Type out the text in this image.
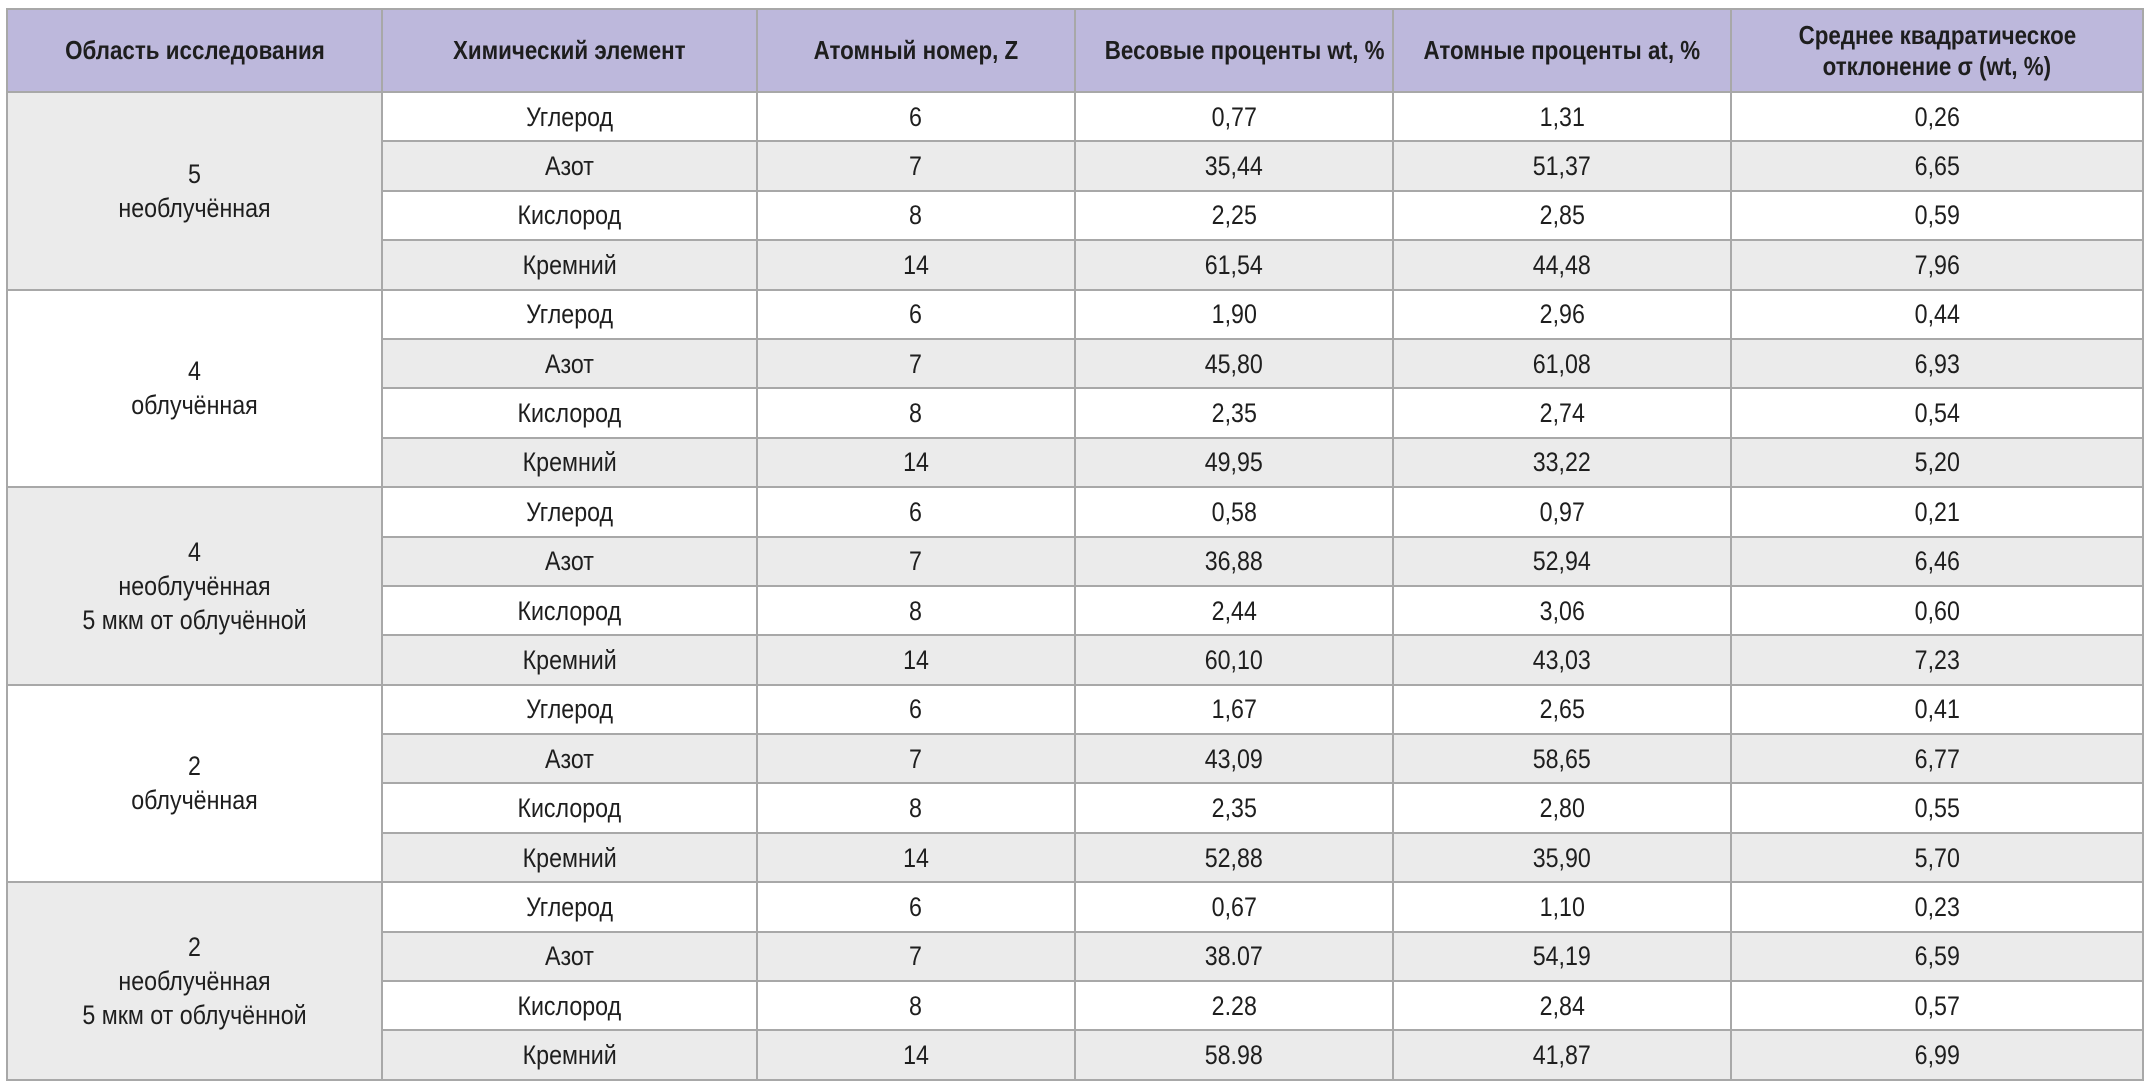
Область исследования	Химический элемент	Атомный номер, Z	Весовые проценты wt, %	Атомные проценты at, %	Среднее квадратическое
отклонение σ (wt, %)

5
необлучённая	Углерод	6	0,77	1,31	0,26
	Азот	7	35,44	51,37	6,65
	Кислород	8	2,25	2,85	0,59
	Кремний	14	61,54	44,48	7,96

4
облучённая	Углерод	6	1,90	2,96	0,44
	Азот	7	45,80	61,08	6,93
	Кислород	8	2,35	2,74	0,54
	Кремний	14	49,95	33,22	5,20

4
необлучённая
5 мкм от облучённой	Углерод	6	0,58	0,97	0,21
	Азот	7	36,88	52,94	6,46
	Кислород	8	2,44	3,06	0,60
	Кремний	14	60,10	43,03	7,23

2
облучённая	Углерод	6	1,67	2,65	0,41
	Азот	7	43,09	58,65	6,77
	Кислород	8	2,35	2,80	0,55
	Кремний	14	52,88	35,90	5,70

2
необлучённая
5 мкм от облучённой	Углерод	6	0,67	1,10	0,23
	Азот	7	38.07	54,19	6,59
	Кислород	8	2.28	2,84	0,57
	Кремний	14	58.98	41,87	6,99
